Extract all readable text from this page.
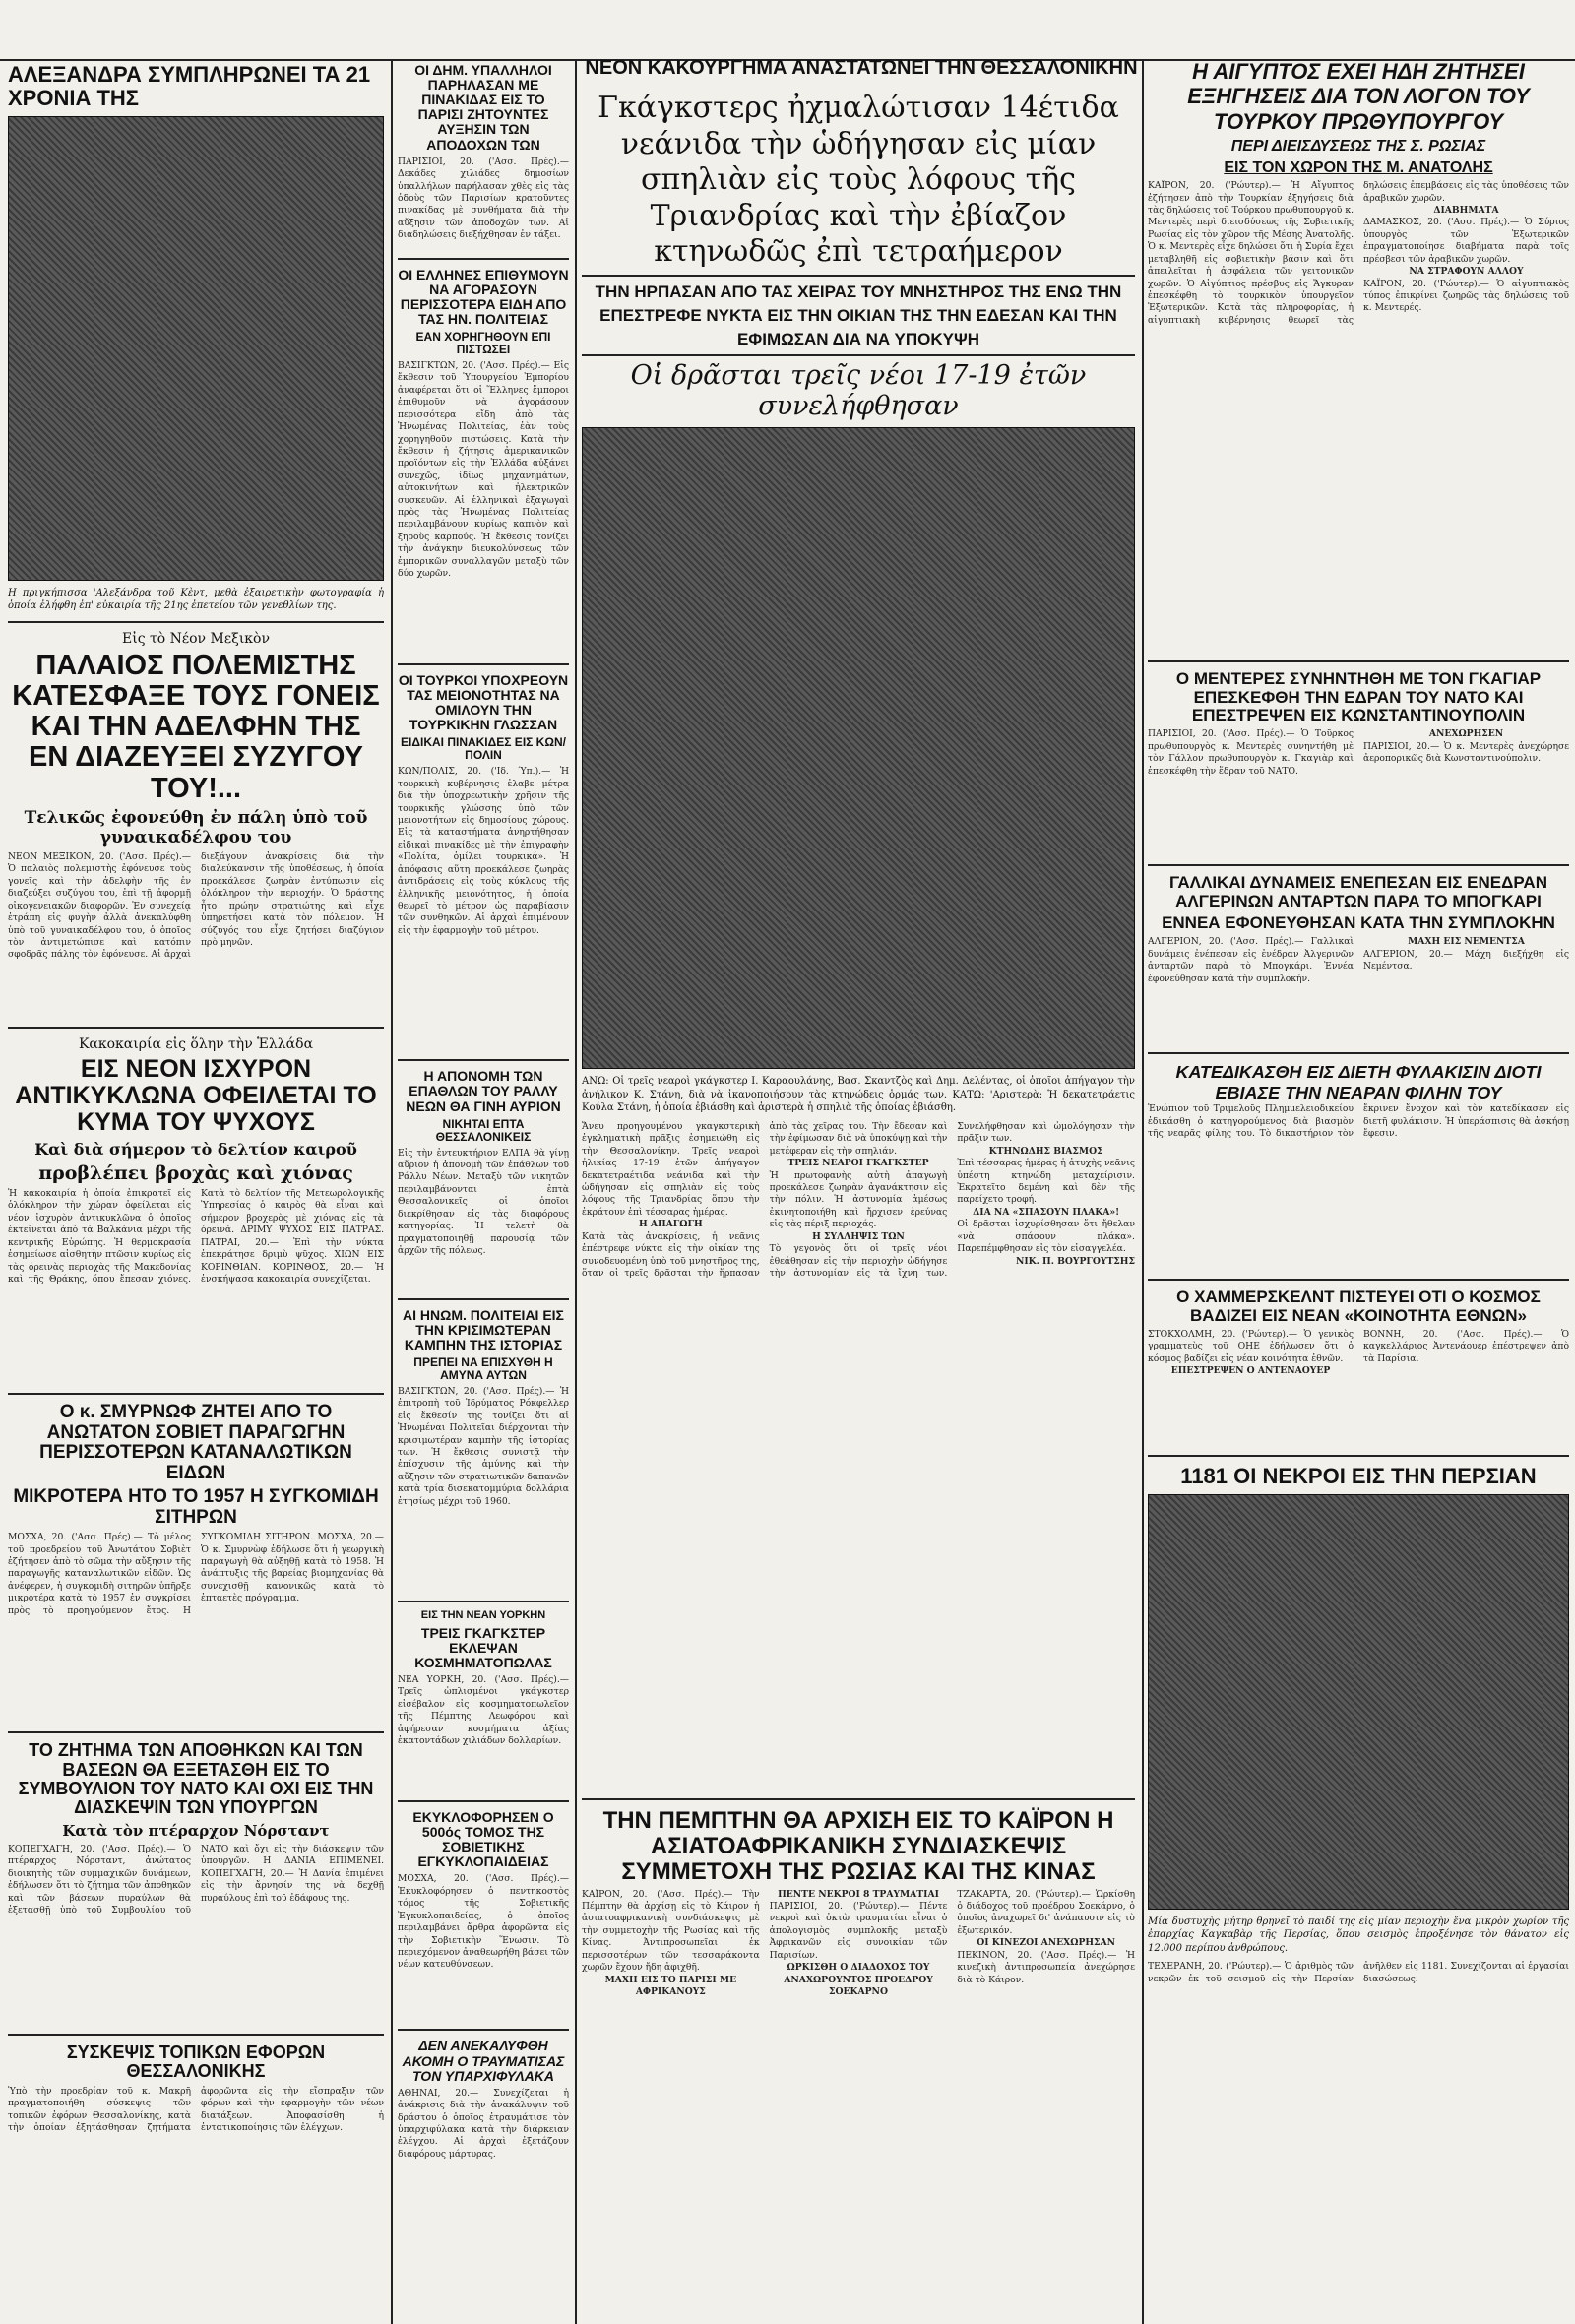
ΝΕΟΝ ΚΑΚΟΥΡΓΗΜΑ ΑΝΑΣΤΑΤΩΝΕΙ ΤΗΝ ΘΕΣΣΑΛΟΝΙΚΗΝ
ΑΛΕΞΑΝΔΡΑ ΣΥΜΠΛΗΡΩΝΕΙ ΤΑ 21 ΧΡΟΝΙΑ ΤΗΣ
Η πριγκήπισσα 'Αλεξάνδρα τοῦ Κὲντ, μεθὰ ἐξαιρετικὴν φωτογραφία ἡ ὁποία ἐλήφθη ἐπ' εὐκαιρία τῆς 21ης ἐπετείου τῶν γενεθλίων της.
Εἰς τὸ Νέον Μεξικὸν
ΠΑΛΑΙΟΣ ΠΟΛΕΜΙΣΤΗΣ ΚΑΤΕΣΦΑΞΕ ΤΟΥΣ ΓΟΝΕΙΣ ΚΑΙ ΤΗΝ ΑΔΕΛΦΗΝ ΤΗΣ ΕΝ ΔΙΑΖΕΥΞΕΙ ΣΥΖΥΓΟΥ ΤΟΥ!...
Τελικῶς ἐφονεύθη ἐν πάλη ὑπὸ τοῦ γυναικαδέλφου του
ΝΕΟΝ ΜΕΞΙΚΟΝ, 20. ('Ασσ. Πρές).— Ὁ παλαιὸς πολεμιστὴς ἐφόνευσε τοὺς γονεῖς καὶ τὴν ἀδελφὴν τῆς ἐν διαζεύξει συζύγου του, ἐπὶ τῇ ἀφορμῇ οἰκογενειακῶν διαφορῶν. Ἐν συνεχείᾳ ἐτράπη εἰς φυγὴν ἀλλὰ ἀνεκαλύφθη ὑπὸ τοῦ γυναικαδέλφου του, ὁ ὁποῖος τὸν ἀντιμετώπισε καὶ κατόπιν σφοδρᾶς πάλης τὸν ἐφόνευσε. Αἱ ἀρχαὶ διεξάγουν ἀνακρίσεις διὰ τὴν διαλεύκανσιν τῆς ὑποθέσεως, ἡ ὁποία προεκάλεσε ζωηρὰν ἐντύπωσιν εἰς ὁλόκληρον τὴν περιοχήν. Ὁ δράστης ἦτο πρώην στρατιώτης καὶ εἶχε ὑπηρετήσει κατὰ τὸν πόλεμον. Ἡ σύζυγός του εἶχε ζητήσει διαζύγιον πρὸ μηνῶν.
Κακοκαιρία εἰς ὅλην τὴν Ἑλλάδα
ΕΙΣ ΝΕΟΝ ΙΣΧΥΡΟΝ ΑΝΤΙΚΥΚΛΩΝΑ ΟΦΕΙΛΕΤΑΙ ΤΟ ΚΥΜΑ ΤΟΥ ΨΥΧΟΥΣ
Καὶ διὰ σήμερον τὸ δελτίον καιροῦ
προβλέπει βροχὰς καὶ χιόνας
Ἡ κακοκαιρία ἡ ὁποία ἐπικρατεῖ εἰς ὁλόκληρον τὴν χώραν ὀφείλεται εἰς νέον ἰσχυρὸν ἀντικυκλῶνα ὁ ὁποῖος ἐκτείνεται ἀπὸ τὰ Βαλκάνια μέχρι τῆς κεντρικῆς Εὐρώπης. Ἡ θερμοκρασία ἐσημείωσε αἰσθητὴν πτῶσιν κυρίως εἰς τὰς ὀρεινὰς περιοχὰς τῆς Μακεδονίας καὶ τῆς Θράκης, ὅπου ἔπεσαν χιόνες. Κατὰ τὸ δελτίον τῆς Μετεωρολογικῆς Ὑπηρεσίας ὁ καιρὸς θὰ εἶναι καὶ σήμερον βροχερὸς μὲ χιόνας εἰς τὰ ὀρεινά. ΔΡΙΜΥ ΨΥΧΟΣ ΕΙΣ ΠΑΤΡΑΣ. ΠΑΤΡΑΙ, 20.— Ἐπὶ τὴν νύκτα ἐπεκράτησε δριμὺ ψῦχος. ΧΙΩΝ ΕΙΣ ΚΟΡΙΝΘΙΑΝ. ΚΟΡΙΝΘΟΣ, 20.— Ἡ ἐνσκήψασα κακοκαιρία συνεχίζεται.
Ο κ. ΣΜΥΡΝΩΦ ΖΗΤΕΙ ΑΠΟ ΤΟ ΑΝΩΤΑΤΟΝ ΣΟΒΙΕΤ ΠΑΡΑΓΩΓΗΝ ΠΕΡΙΣΣΟΤΕΡΩΝ ΚΑΤΑΝΑΛΩΤΙΚΩΝ ΕΙΔΩΝ
ΜΙΚΡΟΤΕΡΑ ΗΤΟ ΤΟ 1957 Η ΣΥΓΚΟΜΙΔΗ ΣΙΤΗΡΩΝ
ΜΟΣΧΑ, 20. ('Ασσ. Πρές).— Τὸ μέλος τοῦ προεδρείου τοῦ Ἀνωτάτου Σοβιὲτ ἐζήτησεν ἀπὸ τὸ σῶμα τὴν αὔξησιν τῆς παραγωγῆς καταναλωτικῶν εἰδῶν. Ὡς ἀνέφερεν, ἡ συγκομιδὴ σιτηρῶν ὑπῆρξε μικροτέρα κατὰ τὸ 1957 ἐν συγκρίσει πρὸς τὸ προηγούμενον ἔτος. Η ΣΥΓΚΟΜΙΔΗ ΣΙΤΗΡΩΝ. ΜΟΣΧΑ, 20.— Ὁ κ. Σμυρνὼφ ἐδήλωσε ὅτι ἡ γεωργικὴ παραγωγὴ θὰ αὐξηθῇ κατὰ τὸ 1958. Ἡ ἀνάπτυξις τῆς βαρείας βιομηχανίας θὰ συνεχισθῇ κανονικῶς κατὰ τὸ ἑπταετὲς πρόγραμμα.
ΤΟ ΖΗΤΗΜΑ ΤΩΝ ΑΠΟΘΗΚΩΝ ΚΑΙ ΤΩΝ ΒΑΣΕΩΝ ΘΑ ΕΞΕΤΑΣΘΗ ΕΙΣ ΤΟ ΣΥΜΒΟΥΛΙΟΝ ΤΟΥ ΝΑΤΟ ΚΑΙ ΟΧΙ ΕΙΣ ΤΗΝ ΔΙΑΣΚΕΨΙΝ ΤΩΝ ΥΠΟΥΡΓΩΝ
Κατὰ τὸν πτέραρχον Νόρσταντ
ΚΟΠΕΓΧΑΓΗ, 20. ('Ασσ. Πρές).— Ὁ πτέραρχος Νόρσταντ, ἀνώτατος διοικητὴς τῶν συμμαχικῶν δυνάμεων, ἐδήλωσεν ὅτι τὸ ζήτημα τῶν ἀποθηκῶν καὶ τῶν βάσεων πυραύλων θὰ ἐξετασθῇ ὑπὸ τοῦ Συμβουλίου τοῦ ΝΑΤΟ καὶ ὄχι εἰς τὴν διάσκεψιν τῶν ὑπουργῶν. Η ΔΑΝΙΑ ΕΠΙΜΕΝΕΙ. ΚΟΠΕΓΧΑΓΗ, 20.— Ἡ Δανία ἐπιμένει εἰς τὴν ἄρνησίν της νὰ δεχθῇ πυραύλους ἐπὶ τοῦ ἐδάφους της.
ΣΥΣΚΕΨΙΣ ΤΟΠΙΚΩΝ ΕΦΟΡΩΝ ΘΕΣΣΑΛΟΝΙΚΗΣ
Ὑπὸ τὴν προεδρίαν τοῦ κ. Μακρῆ πραγματοποιήθη σύσκεψις τῶν τοπικῶν ἐφόρων Θεσσαλονίκης, κατὰ τὴν ὁποίαν ἐξητάσθησαν ζητήματα ἀφορῶντα εἰς τὴν εἴσπραξιν τῶν φόρων καὶ τὴν ἐφαρμογὴν τῶν νέων διατάξεων. Ἀποφασίσθη ἡ ἐντατικοποίησις τῶν ἐλέγχων.
ΟΙ ΔΗΜ. ΥΠΑΛΛΗΛΟΙ ΠΑΡΗΛΑΣΑΝ ΜΕ ΠΙΝΑΚΙΔΑΣ ΕΙΣ ΤΟ ΠΑΡΙΣΙ ΖΗΤΟΥΝΤΕΣ ΑΥΞΗΣΙΝ ΤΩΝ ΑΠΟΔΟΧΩΝ ΤΩΝ
ΠΑΡΙΣΙΟΙ, 20. ('Ασσ. Πρές).— Δεκάδες χιλιάδες δημοσίων ὑπαλλήλων παρήλασαν χθὲς εἰς τὰς ὁδοὺς τῶν Παρισίων κρατοῦντες πινακίδας μὲ συνθήματα διὰ τὴν αὔξησιν τῶν ἀποδοχῶν των. Αἱ διαδηλώσεις διεξήχθησαν ἐν τάξει.
ΟΙ ΕΛΛΗΝΕΣ ΕΠΙΘΥΜΟΥΝ ΝΑ ΑΓΟΡΑΣΟΥΝ ΠΕΡΙΣΣΟΤΕΡΑ ΕΙΔΗ ΑΠΟ ΤΑΣ ΗΝ. ΠΟΛΙΤΕΙΑΣ
ΕΑΝ ΧΟΡΗΓΗΘΟΥΝ ΕΠΙ ΠΙΣΤΩΣΕΙ
ΒΑΣΙΓΚΤΩΝ, 20. ('Ασσ. Πρές).— Εἰς ἔκθεσιν τοῦ Ὑπουργείου Ἐμπορίου ἀναφέρεται ὅτι οἱ Ἕλληνες ἔμποροι ἐπιθυμοῦν νὰ ἀγοράσουν περισσότερα εἴδη ἀπὸ τὰς Ἡνωμένας Πολιτείας, ἐὰν τοὺς χορηγηθοῦν πιστώσεις. Κατὰ τὴν ἔκθεσιν ἡ ζήτησις ἀμερικανικῶν προϊόντων εἰς τὴν Ἑλλάδα αὐξάνει συνεχῶς, ἰδίως μηχανημάτων, αὐτοκινήτων καὶ ἠλεκτρικῶν συσκευῶν. Αἱ ἑλληνικαὶ ἐξαγωγαὶ πρὸς τὰς Ἡνωμένας Πολιτείας περιλαμβάνουν κυρίως καπνὸν καὶ ξηροὺς καρπούς. Ἡ ἔκθεσις τονίζει τὴν ἀνάγκην διευκολύνσεως τῶν ἐμπορικῶν συναλλαγῶν μεταξὺ τῶν δύο χωρῶν.
ΟΙ ΤΟΥΡΚΟΙ ΥΠΟΧΡΕΟΥΝ ΤΑΣ ΜΕΙΟΝΟΤΗΤΑΣ ΝΑ ΟΜΙΛΟΥΝ ΤΗΝ ΤΟΥΡΚΙΚΗΝ ΓΛΩΣΣΑΝ
ΕΙΔΙΚΑΙ ΠΙΝΑΚΙΔΕΣ ΕΙΣ ΚΩΝ/ΠΟΛΙΝ
ΚΩΝ/ΠΟΛΙΣ, 20. ('Ιδ. Ύπ.).— Ἡ τουρκικὴ κυβέρνησις ἐλαβε μέτρα διὰ τὴν ὑποχρεωτικὴν χρῆσιν τῆς τουρκικῆς γλώσσης ὑπὸ τῶν μειονοτήτων εἰς δημοσίους χώρους. Εἰς τὰ καταστήματα ἀνηρτήθησαν εἰδικαὶ πινακίδες μὲ τὴν ἐπιγραφὴν «Πολίτα, ὁμίλει τουρκικά». Ἡ ἀπόφασις αὕτη προεκάλεσε ζωηρὰς ἀντιδράσεις εἰς τοὺς κύκλους τῆς ἑλληνικῆς μειονότητος, ἡ ὁποία θεωρεῖ τὸ μέτρον ὡς παραβίασιν τῶν συνθηκῶν. Αἱ ἀρχαὶ ἐπιμένουν εἰς τὴν ἐφαρμογὴν τοῦ μέτρου.
Η ΑΠΟΝΟΜΗ ΤΩΝ ΕΠΑΘΛΩΝ ΤΟΥ ΡΑΛΛΥ ΝΕΩΝ ΘΑ ΓΙΝΗ ΑΥΡΙΟΝ
ΝΙΚΗΤΑΙ ΕΠΤΑ ΘΕΣΣΑΛΟΝΙΚΕΙΣ
Εἰς τὴν ἐντευκτήριον ΕΛΠΑ θὰ γίνῃ αὔριον ἡ ἀπονομὴ τῶν ἐπάθλων τοῦ Ράλλυ Νέων. Μεταξὺ τῶν νικητῶν περιλαμβάνονται ἑπτὰ Θεσσαλονικεῖς οἱ ὁποῖοι διεκρίθησαν εἰς τὰς διαφόρους κατηγορίας. Ἡ τελετὴ θὰ πραγματοποιηθῇ παρουσίᾳ τῶν ἀρχῶν τῆς πόλεως.
ΑΙ ΗΝΩΜ. ΠΟΛΙΤΕΙΑΙ ΕΙΣ ΤΗΝ ΚΡΙΣΙΜΩΤΕΡΑΝ ΚΑΜΠΗΝ ΤΗΣ ΙΣΤΟΡΙΑΣ
ΠΡΕΠΕΙ ΝΑ ΕΠΙΣΧΥΘΗ Η ΑΜΥΝΑ ΑΥΤΩΝ
ΒΑΣΙΓΚΤΩΝ, 20. ('Ασσ. Πρές).— Ἡ ἐπιτροπὴ τοῦ Ἱδρύματος Ρόκφελλερ εἰς ἔκθεσίν της τονίζει ὅτι αἱ Ἡνωμέναι Πολιτεῖαι διέρχονται τὴν κρισιμωτέραν καμπὴν τῆς ἱστορίας των. Ἡ ἔκθεσις συνιστᾷ τὴν ἐπίσχυσιν τῆς ἀμύνης καὶ τὴν αὔξησιν τῶν στρατιωτικῶν δαπανῶν κατὰ τρία δισεκατομμύρια δολλάρια ἐτησίως μέχρι τοῦ 1960.
ΕΙΣ ΤΗΝ ΝΕΑΝ ΥΟΡΚΗΝ
ΤΡΕΙΣ ΓΚΑΓΚΣΤΕΡ ΕΚΛΕΨΑΝ ΚΟΣΜΗΜΑΤΟΠΩΛΑΣ
ΝΕΑ ΥΟΡΚΗ, 20. ('Ασσ. Πρές).— Τρεῖς ὡπλισμένοι γκάγκστερ εἰσέβαλον εἰς κοσμηματοπωλεῖον τῆς Πέμπτης Λεωφόρου καὶ ἀφήρεσαν κοσμήματα ἀξίας ἑκατοντάδων χιλιάδων δολλαρίων.
ΕΚΥΚΛΟΦΟΡΗΣΕΝ Ο 500ός ΤΟΜΟΣ ΤΗΣ ΣΟΒΙΕΤΙΚΗΣ ΕΓΚΥΚΛΟΠΑΙΔΕΙΑΣ
ΜΟΣΧΑ, 20. ('Ασσ. Πρές).— Ἐκυκλοφόρησεν ὁ πεντηκοστὸς τόμος τῆς Σοβιετικῆς Ἐγκυκλοπαιδείας, ὁ ὁποῖος περιλαμβάνει ἄρθρα ἀφορῶντα εἰς τὴν Σοβιετικὴν Ἕνωσιν. Τὸ περιεχόμενον ἀναθεωρήθη βάσει τῶν νέων κατευθύνσεων.
ΔΕΝ ΑΝΕΚΑΛΥΦΘΗ ΑΚΟΜΗ Ο ΤΡΑΥΜΑΤΙΣΑΣ ΤΟΝ ΥΠΑΡΧΙΦΥΛΑΚΑ
ΑΘΗΝΑΙ, 20.— Συνεχίζεται ἡ ἀνάκρισις διὰ τὴν ἀνακάλυψιν τοῦ δράστου ὁ ὁποῖος ἐτραυμάτισε τὸν ὑπαρχιφύλακα κατὰ τὴν διάρκειαν ἐλέγχου. Αἱ ἀρχαὶ ἐξετάζουν διαφόρους μάρτυρας.
Γκάγκστερς ἠχμαλώτισαν 14έτιδα νεάνιδα τὴν ὡδήγησαν εἰς μίαν σπηλιὰν εἰς τοὺς λόφους τῆς Τριανδρίας καὶ τὴν ἐβίαζον κτηνωδῶς ἐπὶ τετραήμερον
ΤΗΝ ΗΡΠΑΣΑΝ ΑΠΟ ΤΑΣ ΧΕΙΡΑΣ ΤΟΥ ΜΝΗΣΤΗΡΟΣ ΤΗΣ ΕΝΩ ΤΗΝ ΕΠΕΣΤΡΕΦΕ ΝΥΚΤΑ ΕΙΣ ΤΗΝ ΟΙΚΙΑΝ ΤΗΣ ΤΗΝ ΕΔΕΣΑΝ ΚΑΙ ΤΗΝ ΕΦΙΜΩΣΑΝ ΔΙΑ ΝΑ ΥΠΟΚΥΨΗ
Οἱ δρᾶσται τρεῖς νέοι 17-19 ἐτῶν συνελήφθησαν
ΑΝΩ: Οἱ τρεῖς νεαροὶ γκάγκστερ Ι. Καραουλάνης, Βασ. Σκαντζὸς καὶ Δημ. Δελέντας, οἱ ὁποῖοι ἀπήγαγον τὴν ἀνήλικον Κ. Στάνη, διὰ νὰ ἱκανοποιήσουν τὰς κτηνώδεις ὁρμάς των. ΚΑΤΩ: 'Αριστερὰ: Ἡ δεκατετράετις Κούλα Στάνη, ἡ ὁποία ἐβιάσθη καὶ ἀριστερὰ ἡ σπηλιὰ τῆς ὁποίας ἐβιάσθη.
Ἄνευ προηγουμένου γκαγκστερικὴ ἐγκληματικὴ πρᾶξις ἐσημειώθη εἰς τὴν Θεσσαλονίκην. Τρεῖς νεαροὶ ἠλικίας 17-19 ἐτῶν ἀπήγαγον δεκατετραέτιδα νεάνιδα καὶ τὴν ὡδήγησαν εἰς σπηλιὰν εἰς τοὺς λόφους τῆς Τριανδρίας ὅπου τὴν ἐκράτουν ἐπὶ τέσσαρας ἡμέρας.
Η ΑΠΑΓΩΓΗ
Κατὰ τὰς ἀνακρίσεις, ἡ νεᾶνις ἐπέστρεφε νύκτα εἰς τὴν οἰκίαν της συνοδευομένη ὑπὸ τοῦ μνηστῆρος της, ὅταν οἱ τρεῖς δρᾶσται τὴν ἥρπασαν ἀπὸ τὰς χεῖρας του. Τὴν ἔδεσαν καὶ τὴν ἐφίμωσαν διὰ νὰ ὑποκύψῃ καὶ τὴν μετέφεραν εἰς τὴν σπηλιάν.
ΤΡΕΙΣ ΝΕΑΡΟΙ ΓΚΑΓΚΣΤΕΡ
Ἡ πρωτοφανὴς αὐτὴ ἀπαγωγὴ προεκάλεσε ζωηρὰν ἀγανάκτησιν εἰς τὴν πόλιν. Ἡ ἀστυνομία ἀμέσως ἐκινητοποιήθη καὶ ἤρχισεν ἐρεύνας εἰς τὰς πέριξ περιοχάς.
Η ΣΥΛΛΗΨΙΣ ΤΩΝ
Τὸ γεγονὸς ὅτι οἱ τρεῖς νέοι ἐθεάθησαν εἰς τὴν περιοχὴν ὠδήγησε τὴν ἀστυνομίαν εἰς τὰ ἴχνη των. Συνελήφθησαν καὶ ὡμολόγησαν τὴν πρᾶξιν των.
ΚΤΗΝΩΔΗΣ ΒΙΑΣΜΟΣ
Ἐπὶ τέσσαρας ἡμέρας ἡ ἀτυχὴς νεᾶνις ὑπέστη κτηνώδη μεταχείρισιν. Ἐκρατεῖτο δεμένη καὶ δὲν τῆς παρείχετο τροφή.
ΔΙΑ ΝΑ «ΣΠΑΣΟΥΝ ΠΛΑΚΑ»!
Οἱ δρᾶσται ἰσχυρίσθησαν ὅτι ἤθελαν «νὰ σπάσουν πλάκα». Παρεπέμφθησαν εἰς τὸν εἰσαγγελέα.
ΝΙΚ. Π. ΒΟΥΡΓΟΥΤΣΗΣ
ΤΗΝ ΠΕΜΠΤΗΝ ΘΑ ΑΡΧΙΣΗ ΕΙΣ ΤΟ ΚΑΪΡΟΝ Η ΑΣΙΑΤΟΑΦΡΙΚΑΝΙΚΗ ΣΥΝΔΙΑΣΚΕΨΙΣ ΣΥΜΜΕΤΟΧΗ ΤΗΣ ΡΩΣΙΑΣ ΚΑΙ ΤΗΣ ΚΙΝΑΣ
ΚΑΪΡΟΝ, 20. ('Ασσ. Πρές).— Τὴν Πέμπτην θὰ ἀρχίσῃ εἰς τὸ Κάιρον ἡ ἀσιατοαφρικανικὴ συνδιάσκεψις μὲ τὴν συμμετοχὴν τῆς Ρωσίας καὶ τῆς Κίνας. Ἀντιπροσωπεῖαι ἐκ περισσοτέρων τῶν τεσσαράκοντα χωρῶν ἔχουν ἤδη ἀφιχθῆ.
ΜΑΧΗ ΕΙΣ ΤΟ ΠΑΡΙΣΙ ΜΕ ΑΦΡΙΚΑΝΟΥΣ
ΠΕΝΤΕ ΝΕΚΡΟΙ 8 ΤΡΑΥΜΑΤΙΑΙ
ΠΑΡΙΣΙΟΙ, 20. ('Ρώυτερ).— Πέντε νεκροὶ καὶ ὀκτὼ τραυματίαι εἶναι ὁ ἀπολογισμὸς συμπλοκῆς μεταξὺ Ἀφρικανῶν εἰς συνοικίαν τῶν Παρισίων.
ΩΡΚΙΣΘΗ Ο ΔΙΑΔΟΧΟΣ ΤΟΥ ΑΝΑΧΩΡΟΥΝΤΟΣ ΠΡΟΕΔΡΟΥ ΣΟΕΚΑΡΝΟ
ΤΖΑΚΑΡΤΑ, 20. ('Ρώυτερ).— Ὡρκίσθη ὁ διάδοχος τοῦ προέδρου Σοεκάρνο, ὁ ὁποῖος ἀναχωρεῖ δι' ἀνάπαυσιν εἰς τὸ ἐξωτερικόν.
ΟΙ ΚΙΝΕΖΟΙ ΑΝΕΧΩΡΗΣΑΝ
ΠΕΚΙΝΟΝ, 20. ('Ασσ. Πρές).— Ἡ κινεζικὴ ἀντιπροσωπεία ἀνεχώρησε διὰ τὸ Κάιρον.
Η ΑΙΓΥΠΤΟΣ ΕΧΕΙ ΗΔΗ ΖΗΤΗΣΕΙ ΕΞΗΓΗΣΕΙΣ ΔΙΑ ΤΟΝ ΛΟΓΟΝ ΤΟΥ ΤΟΥΡΚΟΥ ΠΡΩΘΥΠΟΥΡΓΟΥ
ΠΕΡΙ ΔΙΕΙΣΔΥΣΕΩΣ ΤΗΣ Σ. ΡΩΣΙΑΣ
ΕΙΣ ΤΟΝ ΧΩΡΟΝ ΤΗΣ Μ. ΑΝΑΤΟΛΗΣ
ΚΑΪΡΟΝ, 20. ('Ρώυτερ).— Ἡ Αἴγυπτος ἐζήτησεν ἀπὸ τὴν Τουρκίαν ἐξηγήσεις διὰ τὰς δηλώσεις τοῦ Τούρκου πρωθυπουργοῦ κ. Μεντερὲς περὶ διεισδύσεως τῆς Σοβιετικῆς Ρωσίας εἰς τὸν χῶρον τῆς Μέσης Ἀνατολῆς. Ὁ κ. Μεντερὲς εἶχε δηλώσει ὅτι ἡ Συρία ἔχει μεταβληθῆ εἰς σοβιετικὴν βάσιν καὶ ὅτι ἀπειλεῖται ἡ ἀσφάλεια τῶν γειτονικῶν χωρῶν. Ὁ Αἰγύπτιος πρέσβυς εἰς Ἄγκυραν ἐπεσκέφθη τὸ τουρκικὸν ὑπουργεῖον Ἐξωτερικῶν. Κατὰ τὰς πληροφορίας, ἡ αἰγυπτιακὴ κυβέρνησις θεωρεῖ τὰς δηλώσεις ἐπεμβάσεις εἰς τὰς ὑποθέσεις τῶν ἀραβικῶν χωρῶν.
ΔΙΑΒΗΜΑΤΑ
ΔΑΜΑΣΚΟΣ, 20. ('Ασσ. Πρές).— Ὁ Σύριος ὑπουργὸς τῶν Ἐξωτερικῶν ἐπραγματοποίησε διαβήματα παρὰ τοῖς πρέσβεσι τῶν ἀραβικῶν χωρῶν.
ΝΑ ΣΤΡΑΦΟΥΝ ΑΛΛΟΥ
ΚΑΪΡΟΝ, 20. ('Ρώυτερ).— Ὁ αἰγυπτιακὸς τύπος ἐπικρίνει ζωηρῶς τὰς δηλώσεις τοῦ κ. Μεντερές.
Ο ΜΕΝΤΕΡΕΣ ΣΥΝΗΝΤΗΘΗ ΜΕ ΤΟΝ ΓΚΑΓΙΑΡ ΕΠΕΣΚΕΦΘΗ ΤΗΝ ΕΔΡΑΝ ΤΟΥ ΝΑΤΟ ΚΑΙ ΕΠΕΣΤΡΕΨΕΝ ΕΙΣ ΚΩΝΣΤΑΝΤΙΝΟΥΠΟΛΙΝ
ΠΑΡΙΣΙΟΙ, 20. ('Ασσ. Πρές).— Ὁ Τοῦρκος πρωθυπουργὸς κ. Μεντερὲς συνηντήθη μὲ τὸν Γάλλον πρωθυπουργὸν κ. Γκαγιὰρ καὶ ἐπεσκέφθη τὴν ἕδραν τοῦ ΝΑΤΟ.
ΑΝΕΧΩΡΗΣΕΝ
ΠΑΡΙΣΙΟΙ, 20.— Ὁ κ. Μεντερὲς ἀνεχώρησε ἀεροπορικῶς διὰ Κωνσταντινούπολιν.
ΓΑΛΛΙΚΑΙ ΔΥΝΑΜΕΙΣ ΕΝΕΠΕΣΑΝ ΕΙΣ ΕΝΕΔΡΑΝ ΑΛΓΕΡΙΝΩΝ ΑΝΤΑΡΤΩΝ ΠΑΡΑ ΤΟ ΜΠΟΓΚΑΡΙ
ΕΝΝΕΑ ΕΦΟΝΕΥΘΗΣΑΝ ΚΑΤΑ ΤΗΝ ΣΥΜΠΛΟΚΗΝ
ΑΛΓΕΡΙΟΝ, 20. ('Ασσ. Πρές).— Γαλλικαὶ δυνάμεις ἐνέπεσαν εἰς ἐνέδραν Ἀλγερινῶν ἀνταρτῶν παρὰ τὸ Μπογκάρι. Ἐννέα ἐφονεύθησαν κατὰ τὴν συμπλοκήν.
ΜΑΧΗ ΕΙΣ ΝΕΜΕΝΤΣΑ
ΑΛΓΕΡΙΟΝ, 20.— Μάχη διεξήχθη εἰς Νεμέντσα.
ΚΑΤΕΔΙΚΑΣΘΗ ΕΙΣ ΔΙΕΤΗ ΦΥΛΑΚΙΣΙΝ ΔΙΟΤΙ ΕΒΙΑΣΕ ΤΗΝ ΝΕΑΡΑΝ ΦΙΛΗΝ ΤΟΥ
Ἐνώπιον τοῦ Τριμελοῦς Πλημμελειοδικείου ἐδικάσθη ὁ κατηγορούμενος διὰ βιασμὸν τῆς νεαρᾶς φίλης του. Τὸ δικαστήριον τὸν ἔκρινεν ἔνοχον καὶ τὸν κατεδίκασεν εἰς διετῆ φυλάκισιν. Ἡ ὑπεράσπισις θὰ ἀσκήσῃ ἔφεσιν.
Ο ΧΑΜΜΕΡΣΚΕΛΝΤ ΠΙΣΤΕΥΕΙ ΟΤΙ Ο ΚΟΣΜΟΣ ΒΑΔΙΖΕΙ ΕΙΣ ΝΕΑΝ «ΚΟΙΝΟΤΗΤΑ ΕΘΝΩΝ»
ΣΤΟΚΧΟΛΜΗ, 20. ('Ρώυτερ).— Ὁ γενικὸς γραμματεὺς τοῦ ΟΗΕ ἐδήλωσεν ὅτι ὁ κόσμος βαδίζει εἰς νέαν κοινότητα ἐθνῶν.
ΕΠΕΣΤΡΕΨΕΝ Ο ΑΝΤΕΝΑΟΥΕΡ
ΒΟΝΝΗ, 20. ('Ασσ. Πρές).— Ὁ καγκελλάριος Ἀντενάουερ ἐπέστρεψεν ἀπὸ τὰ Παρίσια.
1181 ΟΙ ΝΕΚΡΟΙ ΕΙΣ ΤΗΝ ΠΕΡΣΙΑΝ
Μία δυστυχὴς μήτηρ θρηνεῖ τὸ παιδί της εἰς μίαν περιοχὴν ἕνα μικρὸν χωρίον τῆς ἐπαρχίας Καγκαβὰρ τῆς Περσίας, ὅπου σεισμὸς ἐπροξένησε τὸν θάνατον εἰς 12.000 περίπου ἀνθρώπους.
ΤΕΧΕΡΑΝΗ, 20. ('Ρώυτερ).— Ὁ ἀριθμὸς τῶν νεκρῶν ἐκ τοῦ σεισμοῦ εἰς τὴν Περσίαν ἀνῆλθεν εἰς 1181. Συνεχίζονται αἱ ἐργασίαι διασώσεως.
